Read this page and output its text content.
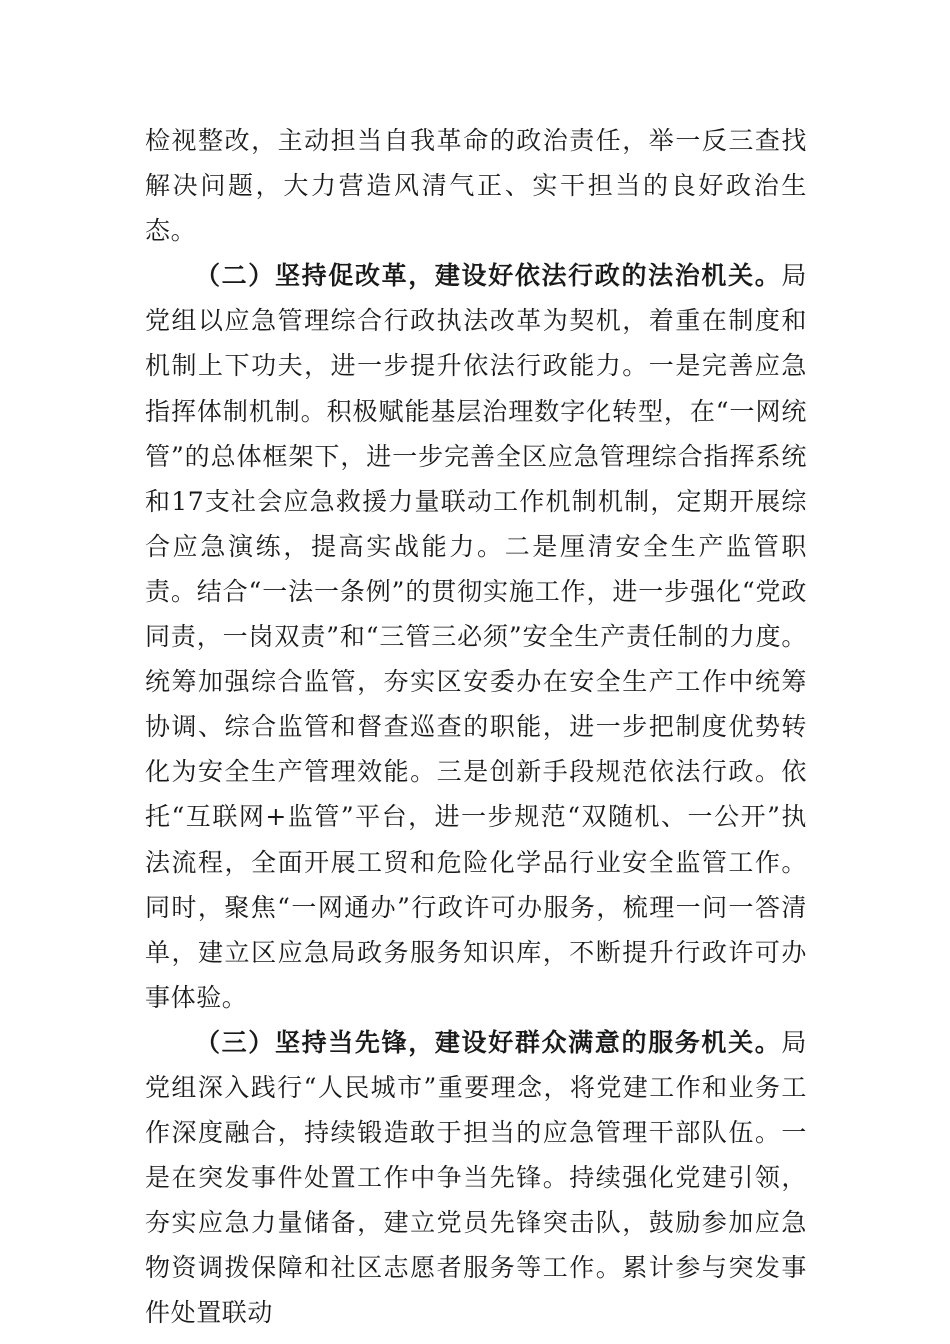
检视整改，主动担当自我革命的政治责任，举一反三查找解决问题，大力营造风清气正、实干担当的良好政治生态。

（二）坚持促改革，建设好依法行政的法治机关。局党组以应急管理综合行政执法改革为契机，着重在制度和机制上下功夫，进一步提升依法行政能力。一是完善应急指挥体制机制。积极赋能基层治理数字化转型，在“一网统管”的总体框架下，进一步完善全区应急管理综合指挥系统和17支社会应急救援力量联动工作机制机制，定期开展综合应急演练，提高实战能力。二是厘清安全生产监管职责。结合“一法一条例”的贯彻实施工作，进一步强化“党政同责，一岗双责”和“三管三必须”安全生产责任制的力度。统筹加强综合监管，夯实区安委办在安全生产工作中统筹协调、综合监管和督查巡查的职能，进一步把制度优势转化为安全生产管理效能。三是创新手段规范依法行政。依托“互联网+监管”平台，进一步规范“双随机、一公开”执法流程，全面开展工贸和危险化学品行业安全监管工作。同时，聚焦“一网通办”行政许可办服务，梳理一问一答清单，建立区应急局政务服务知识库，不断提升行政许可办事体验。

（三）坚持当先锋，建设好群众满意的服务机关。局党组深入践行“人民城市”重要理念，将党建工作和业务工作深度融合，持续锻造敢于担当的应急管理干部队伍。一是在突发事件处置工作中争当先锋。持续强化党建引领，夯实应急力量储备，建立党员先锋突击队，鼓励参加应急物资调拨保障和社区志愿者服务等工作。累计参与突发事件处置联动
